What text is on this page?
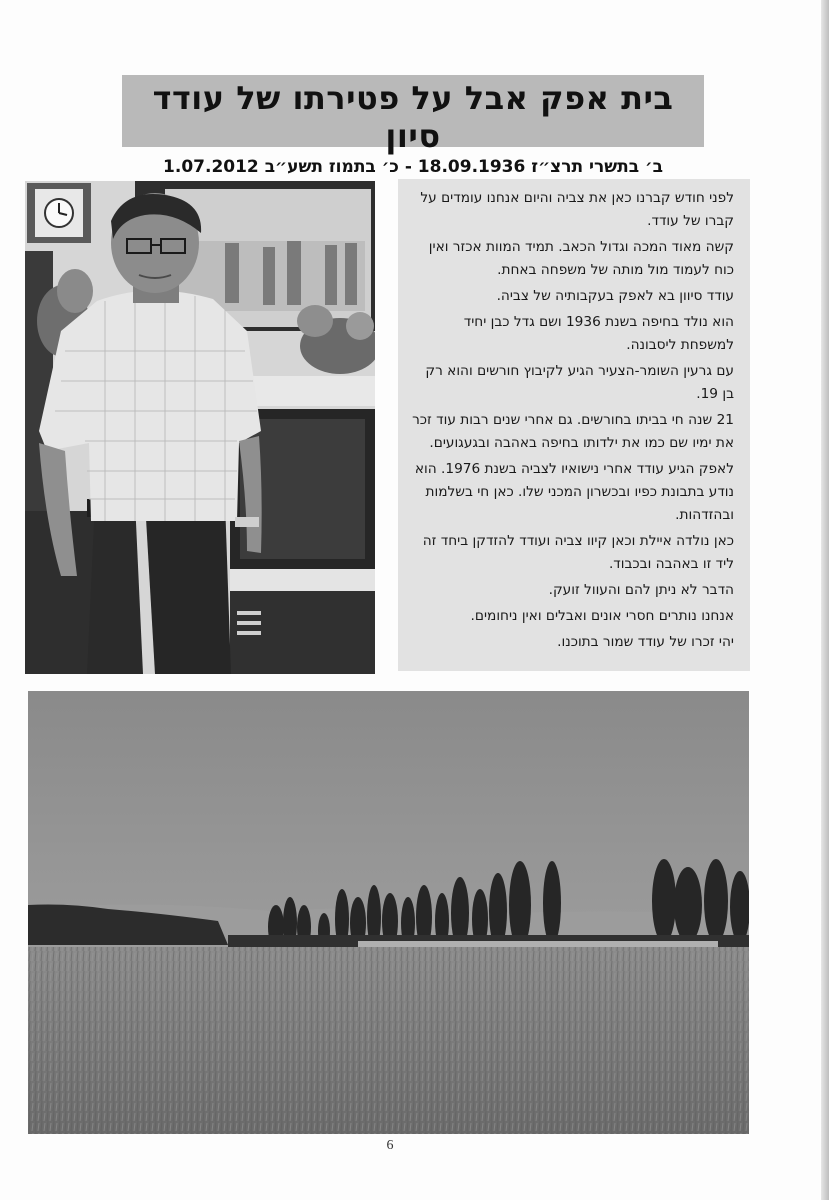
בית אפק אבל על פטירתו של עודד סיון
ב׳ בתשרי תרצ״ז 18.09.1936 - כ׳ בתמוז תשע״ב 1.07.2012

לפני חודש קברנו כאן את צביה והיום אנחנו עומדים על קברו של עודד.

קשה מאוד המכה וגדול הכאב. תמיד המוות אכזר ואין כוח לעמוד מול מותה של משפחה באחת.

עודד סיוון בא לאפק בעקבותיה של צביה.

הוא נולד בחיפה בשנת 1936 ושם גדל כבן יחיד למשפחת ליסבונה.

עם גרעין השומר-הצעיר הגיע לקיבוץ חורשים והוא רק בן 19.

21 שנה חי בביתו בחורשים. גם אחרי שנים רבות עוד זכר את ימיו שם כמו את ילדותו בחיפה באהבה ובגעגועים.

לאפק הגיע עודד אחרי נישואיו לצביה בשנת 1976. הוא נודע בתבונת כפיו ובכשרון המכני שלו. כאן חי בשלמות ובהזדהות.

כאן נולדה איילת וכאן קיוו צביה ועודד להזדקן ביחד זה ליד זו באהבה ובכבוד.

הדבר לא ניתן להם והעוול זועק.

אנחנו נותרים חסרי אונים ואבלים ואין ניחומים.

יהי זכרו של עודד שמור בתוכנו.

6
